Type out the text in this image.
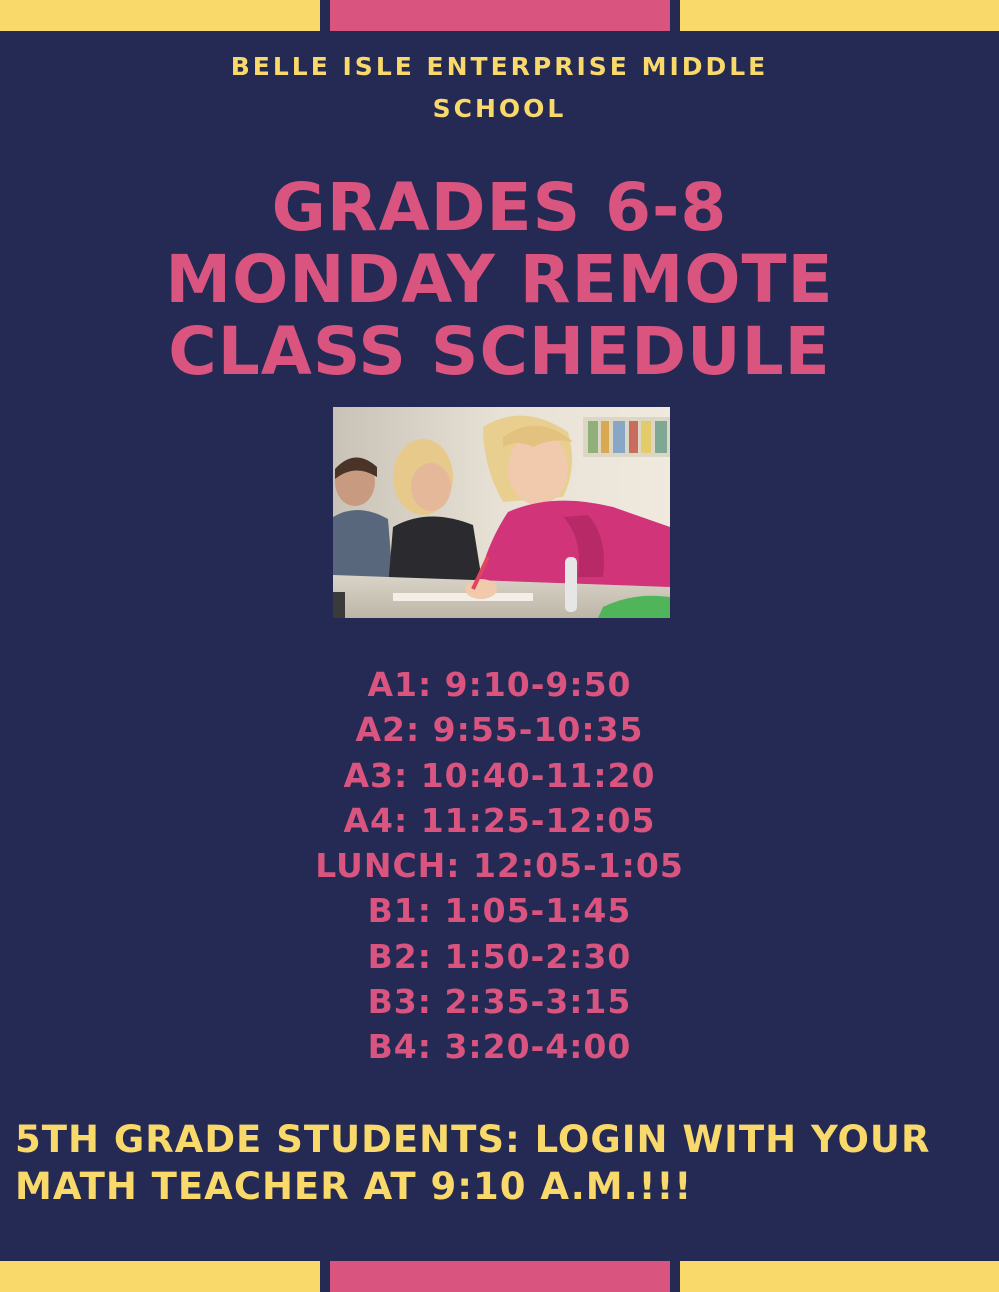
BELLE ISLE ENTERPRISE MIDDLE
SCHOOL
GRADES 6-8
MONDAY REMOTE
CLASS SCHEDULE
A1: 9:10-9:50
A2: 9:55-10:35
A3: 10:40-11:20
A4: 11:25-12:05
LUNCH: 12:05-1:05
B1: 1:05-1:45
B2: 1:50-2:30
B3: 2:35-3:15
B4: 3:20-4:00
5TH GRADE STUDENTS: LOGIN WITH YOUR
MATH TEACHER AT 9:10 A.M.!!!
